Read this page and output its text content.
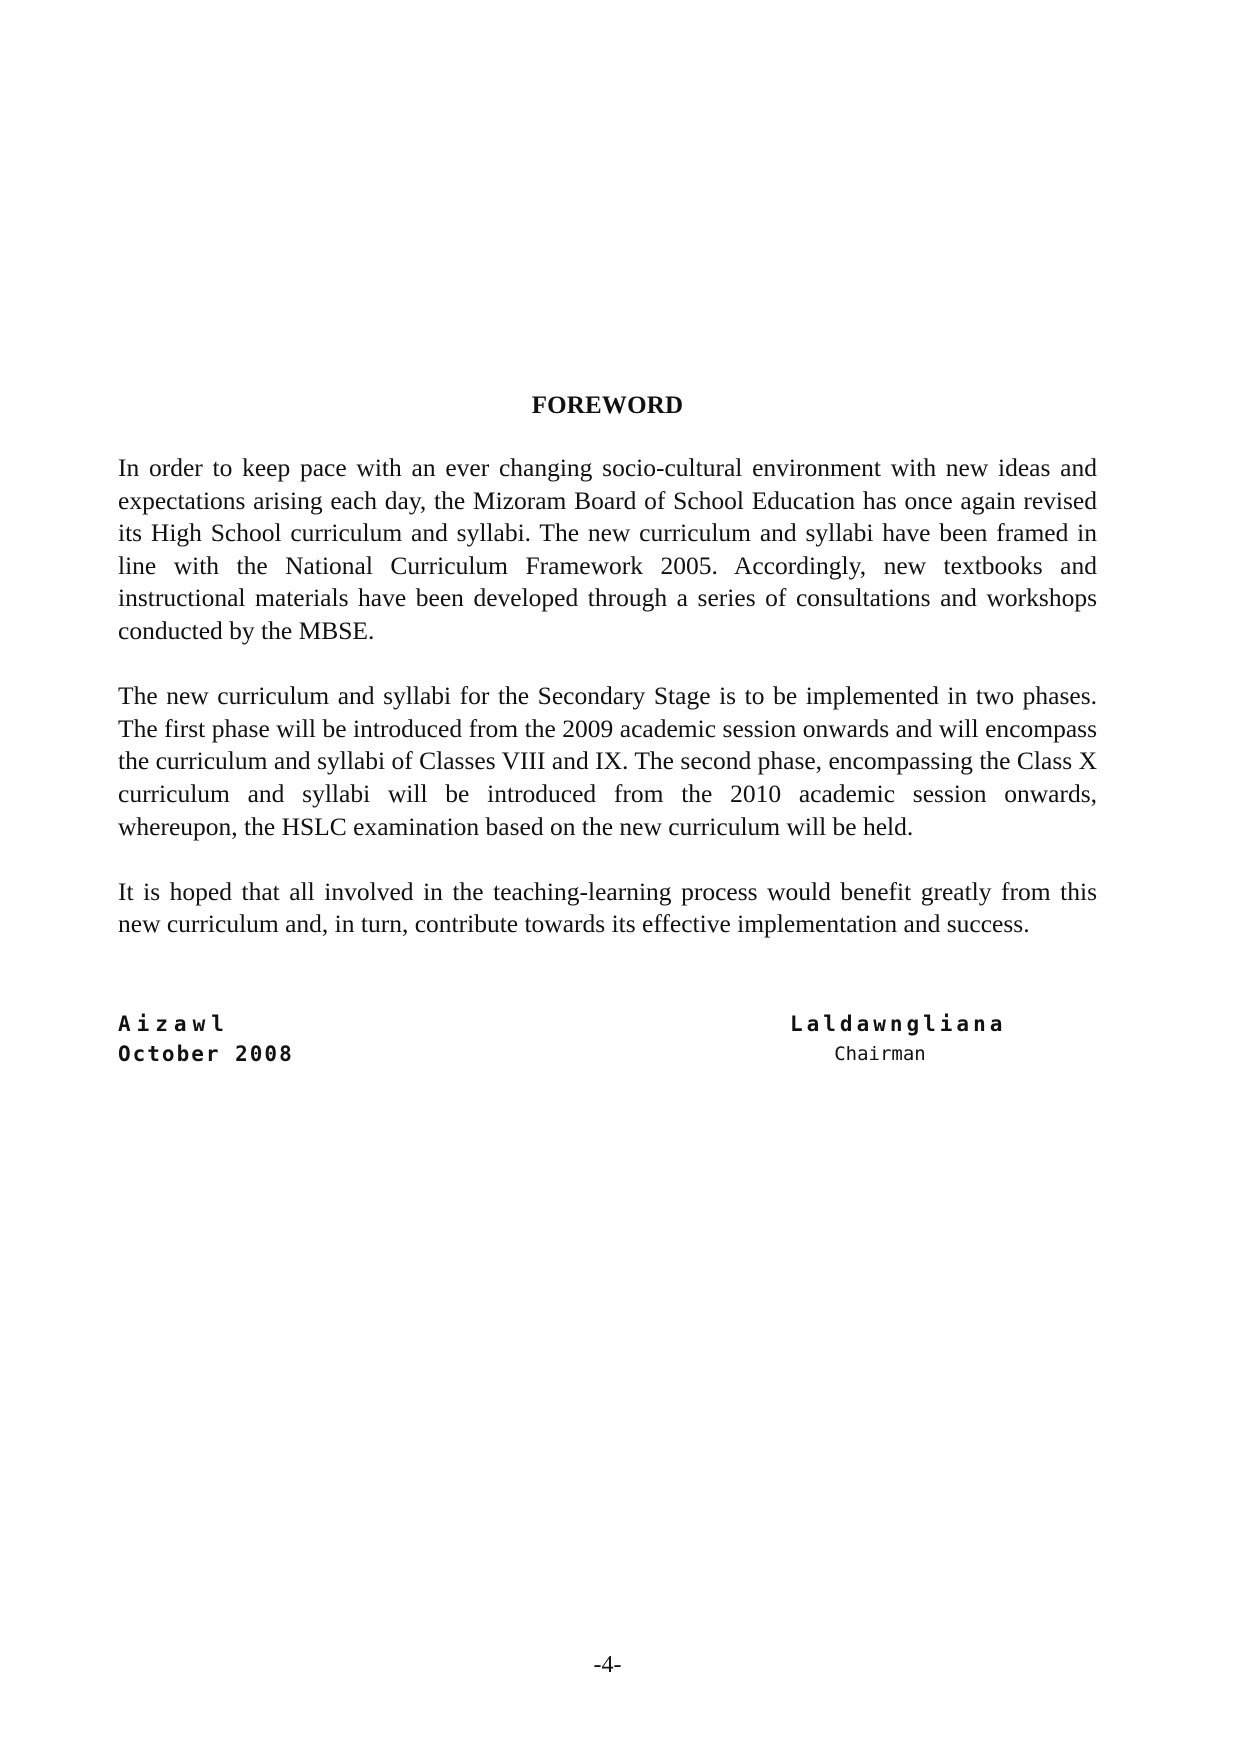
FOREWORD

In order to keep pace with an ever changing socio-cultural environment with new ideas and expectations arising each day, the Mizoram Board of School Education has once again revised its High School curriculum and syllabi. The new curriculum and syllabi have been framed in line with the National Curriculum Framework 2005. Accordingly, new textbooks and instructional materials have been developed through a series of consultations and workshops conducted by the MBSE.

The new curriculum and syllabi for the Secondary Stage is to be implemented in two phases. The first phase will be introduced from the 2009 academic session onwards and will encompass the curriculum and syllabi of Classes VIII and IX. The second phase, encompassing the Class X curriculum and syllabi will be introduced from the 2010 academic session onwards, whereupon, the HSLC examination based on the new curriculum will be held.

It is hoped that all involved in the teaching-learning process would benefit greatly from this new curriculum and, in turn, contribute towards its effective implementation and success.

Aizawl
October 2008
Laldawngliana
Chairman
-4-
